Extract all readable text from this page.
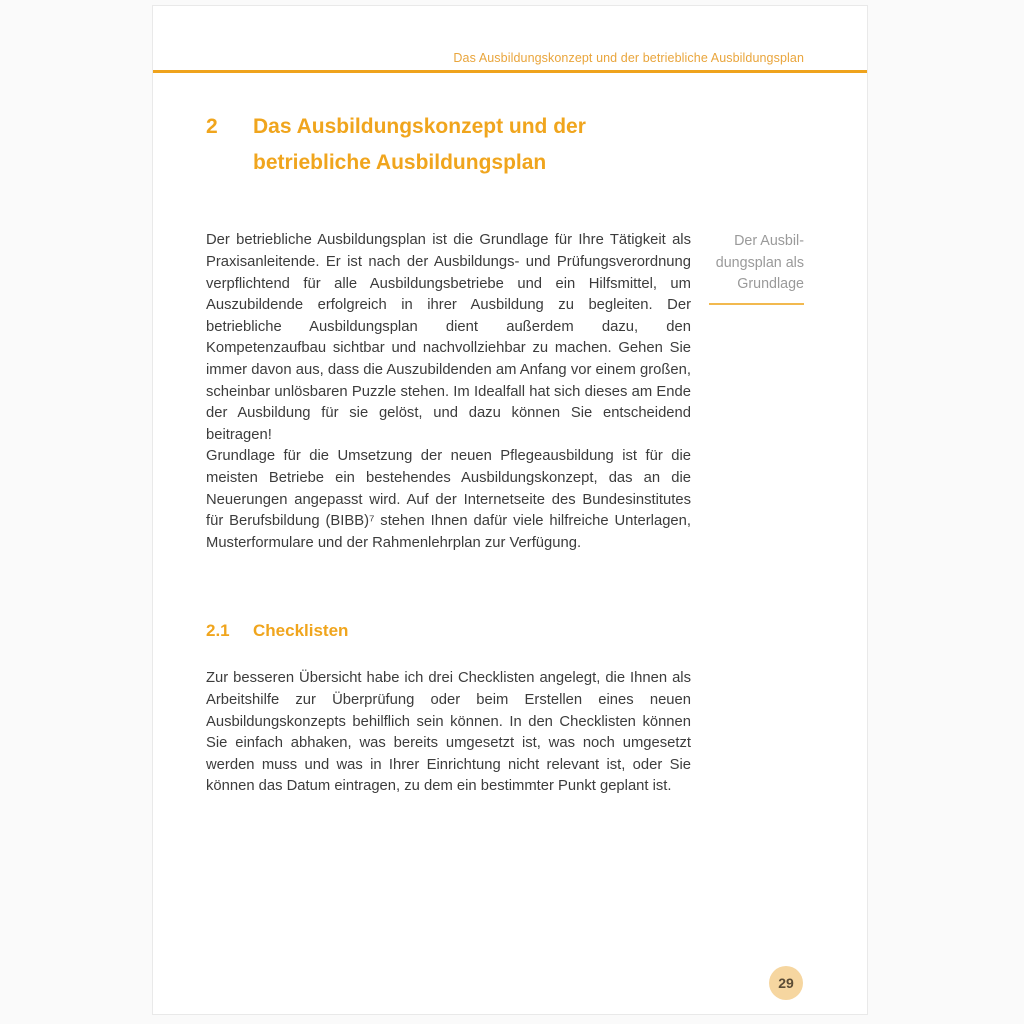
Das Ausbildungskonzept und der betriebliche Ausbildungsplan
2	Das Ausbildungskonzept und der betriebliche Ausbildungsplan

Der betriebliche Ausbildungsplan ist die Grundlage für Ihre Tätigkeit als Praxisanleitende. Er ist nach der Ausbildungs- und Prüfungsverordnung verpflichtend für alle Ausbildungsbetriebe und ein Hilfsmittel, um Auszubildende erfolgreich in ihrer Ausbildung zu begleiten. Der betriebliche Ausbildungsplan dient außerdem dazu, den Kompetenzaufbau sichtbar und nachvollziehbar zu machen. Gehen Sie immer davon aus, dass die Auszubildenden am Anfang vor einem großen, scheinbar unlösbaren Puzzle stehen. Im Idealfall hat sich dieses am Ende der Ausbildung für sie gelöst, und dazu können Sie entscheidend beitragen!

Grundlage für die Umsetzung der neuen Pflegeausbildung ist für die meisten Betriebe ein bestehendes Ausbildungskonzept, das an die Neuerungen angepasst wird. Auf der Internetseite des Bundesinstitutes für Berufsbildung (BIBB)⁷ stehen Ihnen dafür viele hilfreiche Unterlagen, Musterformulare und der Rahmenlehrplan zur Verfügung.

Der Ausbil-
dungsplan als
Grundlage
2.1	Checklisten

Zur besseren Übersicht habe ich drei Checklisten angelegt, die Ihnen als Arbeitshilfe zur Überprüfung oder beim Erstellen eines neuen Ausbildungskonzepts behilflich sein können. In den Checklisten können Sie einfach abhaken, was bereits umgesetzt ist, was noch umgesetzt werden muss und was in Ihrer Einrichtung nicht relevant ist, oder Sie können das Datum eintragen, zu dem ein bestimmter Punkt geplant ist.

29
